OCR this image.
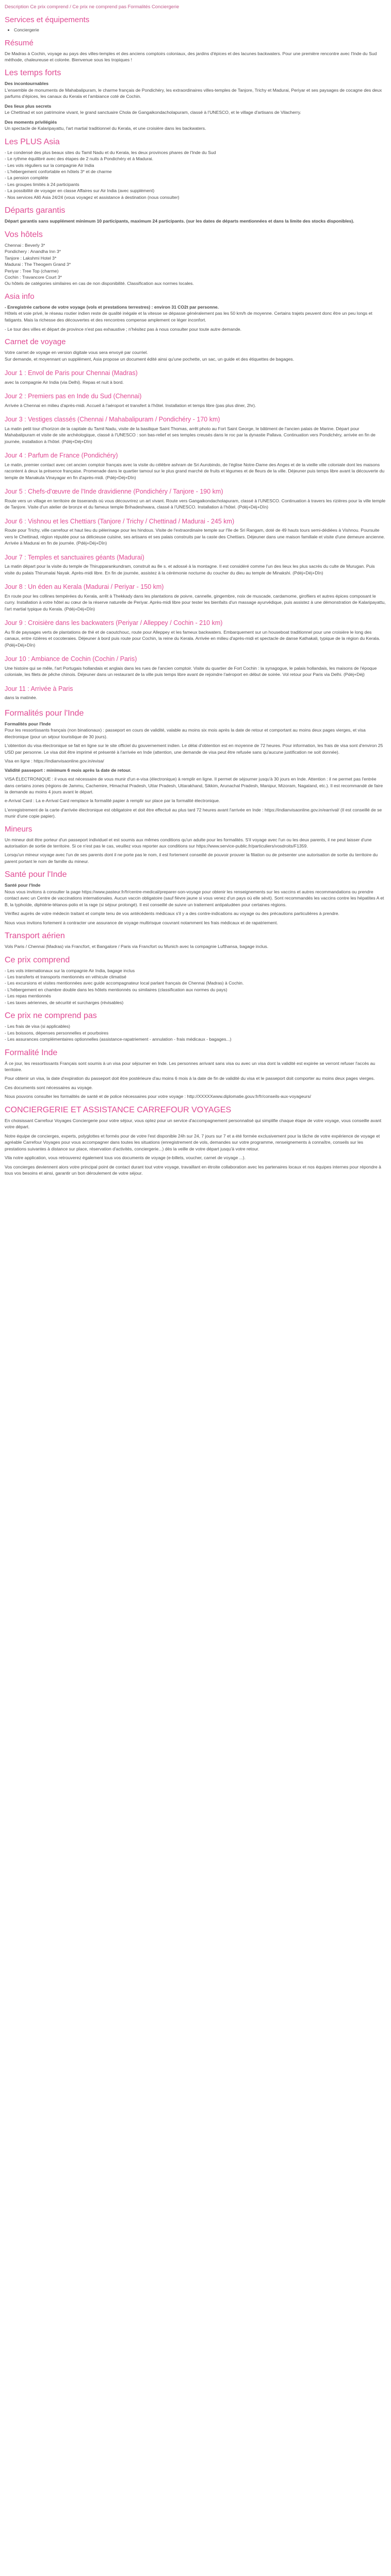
Description Ce prix comprend / Ce prix ne comprend pas Formalités Conciergerie
Services et équipements
• Conciergerie
Résumé

De Madras à Cochin, voyage au pays des villes-temples et des anciens comptoirs coloniaux, des jardins d'épices et des lacunes backwaters. Pour une première rencontre avec l'Inde du Sud méthode, chaleureuse et colorée. Bienvenue sous les tropiques !

Les temps forts
Des incontournables

L'ensemble de monuments de Mahabalipuram, le charme français de Pondichéry, les extraordinaires villes-temples de Tanjore, Trichy et Madurai, Periyar et ses paysages de cocagne des deux parfums d'épices, les canaux du Kerala et l'ambiance coté de Cochin.

Des lieux plus secrets

Le Chettinad et son patrimoine vivant, le grand sanctuaire Chola de Gangaikondacholapuram, classé à l'UNESCO, et le village d'artisans de Vilacherry.

Des moments privilégiés

Un spectacle de Kalaripayattu, l'art martial traditionnel du Kerala, et une croisière dans les backwaters.

Les PLUS Asia
- Le condensé des plus beaux sites du Tamil Nadu et du Kerala, les deux provinces phares de l'Inde du Sud
- Le rythme équilibré avec des étapes de 2 nuits à Pondichéry et à Madurai.
- Les vols réguliers sur la compagnie Air India
- L'hébergement confortable en hôtels 3* et de charme
- La pension complète
- Les groupes limités à 24 participants
- La possibilité de voyager en classe Affaires sur Air India (avec supplément)
- Nos services Allô Asia 24/24 (vous voyagez et assistance à destination (nous consulter)
Départs garantis

Départ garantis sans supplément minimum 10 participants, maximum 24 participants. (sur les dates de départs mentionnées et dans la limite des stocks disponibles).

Vos hôtels
Chennai : Beverly 3*
Pondichery : Anandha Inn 3*
Tanjore : Lakshmi Hotel 3*
Madurai : The Theogem Grand 3*
Periyar : Tree Top (charme)
Cochin : Travancore Court 3*

Ou hôtels de catégories similaires en cas de non disponibilité. Classification aux normes locales.

Asia info
- Enregistrée carbone de votre voyage (vols et prestations terrestres) : environ 31 CO2t par personne.

Hôtels et voie privé, le réseau routier indien reste de qualité inégale et la vitesse se dépasse généralement pas les 50 km/h de moyenne. Certains trajets peuvent donc être un peu longs et fatigants. Mais la richesse des découvertes et des rencontres compense amplement ce léger inconfort.

- Le tour des villes et départ de province n'est pas exhaustive ; n'hésitez pas à nous consulter pour toute autre demande.

Carnet de voyage

Votre carnet de voyage en version digitale vous sera envoyé par courriel.
Sur demande, et moyennant un supplément, Asia propose un document édité ainsi qu'une pochette, un sac, un guide et des étiquettes de bagages.

Jour 1 : Envol de Paris pour Chennai (Madras)

avec la compagnie Air India (via Delhi). Repas et nuit à bord.

Jour 2 : Premiers pas en Inde du Sud (Chennai)

Arrivée à Chennai en milieu d'après-midi. Accueil à l'aéroport et transfert à l'hôtel. Installation et temps libre (pas plus diner, 2hr).

Jour 3 : Vestiges classés (Chennai / Mahabalipuram / Pondichéry - 170 km)

La matin petit tour d'horizon de la capitale du Tamil Nadu, visite de la basilique Saint Thomas, arrêt photo au Fort Saint George, le bâtiment de l'ancien palais de Marine. Départ pour Mahabalipuram et visite de site archéologique, classé à l'UNESCO : son bas-relief et ses temples creusés dans le roc par la dynastie Pallava. Continuation vers Pondichéry, arrivée en fin de journée, installation à l'hôtel. (Pdéj+Déj+Dîn)

Jour 4 : Parfum de France (Pondichéry)

Le matin, premier contact avec cet ancien comptoir français avec la visite du célèbre ashram de Sri Aurobindo, de l'église Notre-Dame des Anges et de la vieille ville coloniale dont les maisons racontent à deux la présence française. Promenade dans le quartier tamoul sur le plus grand marché de fruits et légumes et de fleurs de la ville. Déjeuner puis temps libre avant la découverte du temple de Manakula Vinayagar en fin d'après-midi. (Pdéj+Déj+Dîn)

Jour 5 : Chefs-d'œuvre de l'Inde dravidienne (Pondichéry / Tanjore - 190 km)

Route vers un village en territoire de tisserands où vous découvrirez un art vivant. Route vers Gangaikondacholapuram, classé à l'UNESCO. Continuation à travers les rizières pour la ville temple de Tanjore. Visite d'un atelier de bronze et du fameux temple Brihadeshwara, classé à l'UNESCO. Installation à l'hôtel. (Pdéj+Déj+Dîn)

Jour 6 : Vishnou et les Chettiars (Tanjore / Trichy / Chettinad / Madurai - 245 km)

Route pour Trichy, ville carrefour et haut lieu du pèlerinage pour les hindous. Visite de l'extraordinaire temple sur l'île de Sri Rangam, doté de 49 hauts tours semi-dédiées à Vishnou. Poursuite vers le Chettinad, région réputée pour sa délicieuse cuisine, ses artisans et ses palais construits par la caste des Chettiars. Déjeuner dans une maison familiale et visite d'une demeure ancienne. Arrivée à Madurai en fin de journée. (Pdéj+Déj+Dîn)

Jour 7 : Temples et sanctuaires géants (Madurai)

La matin départ pour la visite du temple de Thirupparankundram, construit au 8e s. et adossé à la montagne. Il est considéré comme l'un des lieux les plus sacrés du culte de Murugan. Puis visite du palais Thirumalai Nayak. Après-midi libre. En fin de journée, assistez à la cérémonie nocturne du coucher du dieu au temple de Minakshi. (Pdéj+Déj+Dîn)

Jour 8 : Un éden au Kerala (Madurai / Periyar - 150 km)

En route pour les collines tempérées du Kerala, arrêt à Thekkady dans les plantations de poivre, cannelle, gingembre, noix de muscade, cardamome, girofliers et autres épices composant le curry. Installation à votre hôtel au cœur de la réserve naturelle de Periyar. Après-midi libre pour tester les bienfaits d'un massage ayurvédique, puis assistez à une démonstration de Kalaripayattu, l'art martial typique du Kerala. (Pdéj+Déj+Dîn)

Jour 9 : Croisière dans les backwaters (Periyar / Alleppey / Cochin - 210 km)

Au fil de paysages verts de plantations de thé et de caoutchouc, route pour Alleppey et les fameux backwaters. Embarquement sur un houseboat traditionnel pour une croisière le long des canaux, entre rizières et cocoteraies. Déjeuner à bord puis route pour Cochin, la reine du Kerala. Arrivée en milieu d'après-midi et spectacle de danse Kathakali, typique de la région du Kerala. (Pdéj+Déj+Dîn)

Jour 10 : Ambiance de Cochin (Cochin / Paris)

Une histoire qui se mêle, l'art Portugais hollandais et anglais dans les rues de l'ancien comptoir. Visite du quartier de Fort Cochin : la synagogue, le palais hollandais, les maisons de l'époque coloniale, les filets de pêche chinois. Déjeuner dans un restaurant de la ville puis temps libre avant de rejoindre l'aéroport en début de soirée. Vol retour pour Paris via Delhi. (Pdéj+Déj)

Jour 11 : Arrivée à Paris

dans la matinée.

Formalités pour l'Inde
Formalités pour l'Inde

Pour les ressortissants français (non binationaux) : passeport en cours de validité, valable au moins six mois après la date de retour et comportant au moins deux pages vierges, et visa électronique (pour un séjour touristique de 30 jours).

L'obtention du visa électronique se fait en ligne sur le site officiel du gouvernement indien. Le délai d'obtention est en moyenne de 72 heures. Pour information, les frais de visa sont d'environ 25 USD par personne. Le visa doit être imprimé et présenté à l'arrivée en Inde (attention, une demande de visa peut être refusée sans qu'aucune justification ne soit donnée).

Visa en ligne : https://indianvisaonline.gov.in/evisa/

Validité passeport : minimum 6 mois après la date de retour.

VISA ÉLECTRONIQUE : il vous est nécessaire de vous munir d'un e-visa (électronique) à remplir en ligne. Il permet de séjourner jusqu'à 30 jours en Inde. Attention : il ne permet pas l'entrée dans certains zones (régions de Jammu, Cachemire, Himachal Pradesh, Uttar Pradesh, Uttarakhand, Sikkim, Arunachal Pradesh, Manipur, Mizoram, Nagaland, etc.). Il est recommandé de faire la demande au moins 4 jours avant le départ.

e-Arrival Card : La e-Arrival Card remplace la formalité papier à remplir sur place par la formalité électronique.

L'enregistrement de la carte d'arrivée électronique est obligatoire et doit être effectué au plus tard 72 heures avant l'arrivée en Inde : https://indianvisaonline.gov.in/earrival/ (Il est conseillé de se munir d'une copie papier).

Mineurs

Un mineur doit être porteur d'un passeport individuel et est soumis aux mêmes conditions qu'un adulte pour les formalités. S'il voyage avec l'un ou les deux parents, il ne peut laisser d'une autorisation de sortie de territoire. Si ce n'est pas le cas, veuillez vous reporter aux conditions sur https://www.service-public.fr/particuliers/vosdroits/F1359.

Lorsqu'un mineur voyage avec l'un de ses parents dont il ne porte pas le nom, il est fortement conseillé de pouvoir prouver la filiation ou de présenter une autorisation de sortie du territoire du parent portant le nom de famille du mineur.

Santé pour l'Inde
Santé pour l'Inde

Nous vous invitons à consulter la page https://www.pasteur.fr/fr/centre-medical/preparer-son-voyage pour obtenir les renseignements sur les vaccins et autres recommandations ou prendre contact avec un Centre de vaccinations internationales. Aucun vaccin obligatoire (sauf fièvre jaune si vous venez d'un pays où elle sévit). Sont recommandés les vaccins contre les hépatites A et B, la typhoïde, diphtérie-tétanos-polio et la rage (si séjour prolongé). Il est conseillé de suivre un traitement antipaludéen pour certaines régions.

Vérifiez auprès de votre médecin traitant et compte tenu de vos antécédents médicaux s'il y a des contre-indications au voyage ou des précautions particulières à prendre.

Nous vous invitons fortement à contracter une assurance de voyage multirisque couvrant notamment les frais médicaux et de rapatriement.

Transport aérien

Vols Paris / Chennai (Madras) via Francfort, et Bangalore / Paris via Francfort ou Munich avec la compagnie Lufthansa, bagage inclus.

Ce prix comprend
- Les vols internationaux sur la compagnie Air India, bagage inclus
- Les transferts et transports mentionnés en véhicule climatisé
- Les excursions et visites mentionnées avec guide accompagnateur local parlant français de Chennai (Madras) à Cochin.
- L'hébergement en chambre double dans les hôtels mentionnés ou similaires (classification aux normes du pays)
- Les repas mentionnés
- Les taxes aériennes, de sécurité et surcharges (révisables)
Ce prix ne comprend pas
- Les frais de visa (si applicables)
- Les boissons, dépenses personnelles et pourboires
- Les assurances complémentaires optionnelles (assistance-rapatriement - annulation - frais médicaux - bagages...)
Formalité Inde

À ce jour, les ressortissants Français sont soumis à un visa pour séjourner en Inde. Les personnes arrivant sans visa ou avec un visa dont la validité est expirée se verront refuser l'accès au territoire.

Pour obtenir un visa, la date d'expiration du passeport doit être postérieure d'au moins 6 mois à la date de fin de validité du visa et le passeport doit comporter au moins deux pages vierges.

Ces documents sont nécessaires au voyage.

Nous pouvons consulter les formalités de santé et de police nécessaires pour votre voyage : http://XXXXXwww.diplomatie.gouv.fr/fr/conseils-aux-voyageurs/

CONCIERGERIE ET ASSISTANCE CARREFOUR VOYAGES

En choisissant Carrefour Voyages Conciergerie pour votre séjour, vous optez pour un service d'accompagnement personnalisé qui simplifie chaque étape de votre voyage, vous conseille avant votre départ.

Notre équipe de concierges, experts, polyglottes et formés pour de votre l'est disponible 24h sur 24, 7 jours sur 7 et a été formée exclusivement pour la tâche de votre expérience de voyage et agréable Carrefour Voyages pour vous accompagner dans toutes les situations (enregistrement de vols, demandes sur votre programme, renseignements à connaître, conseils sur les prestations suivantes à distance sur place, réservation d'activités, conciergerie...) dès la veille de votre départ jusqu'à votre retour.

Vila notre application, vous retrouverez également tous vos documents de voyage (e-billets, voucher, carnet de voyage ...).

Vos concierges deviennent alors votre principal point de contact durant tout votre voyage, travaillant en étroite collaboration avec les partenaires locaux et nos équipes internes pour répondre à tous vos besoins et ainsi, garantir un bon déroulement de votre séjour.
